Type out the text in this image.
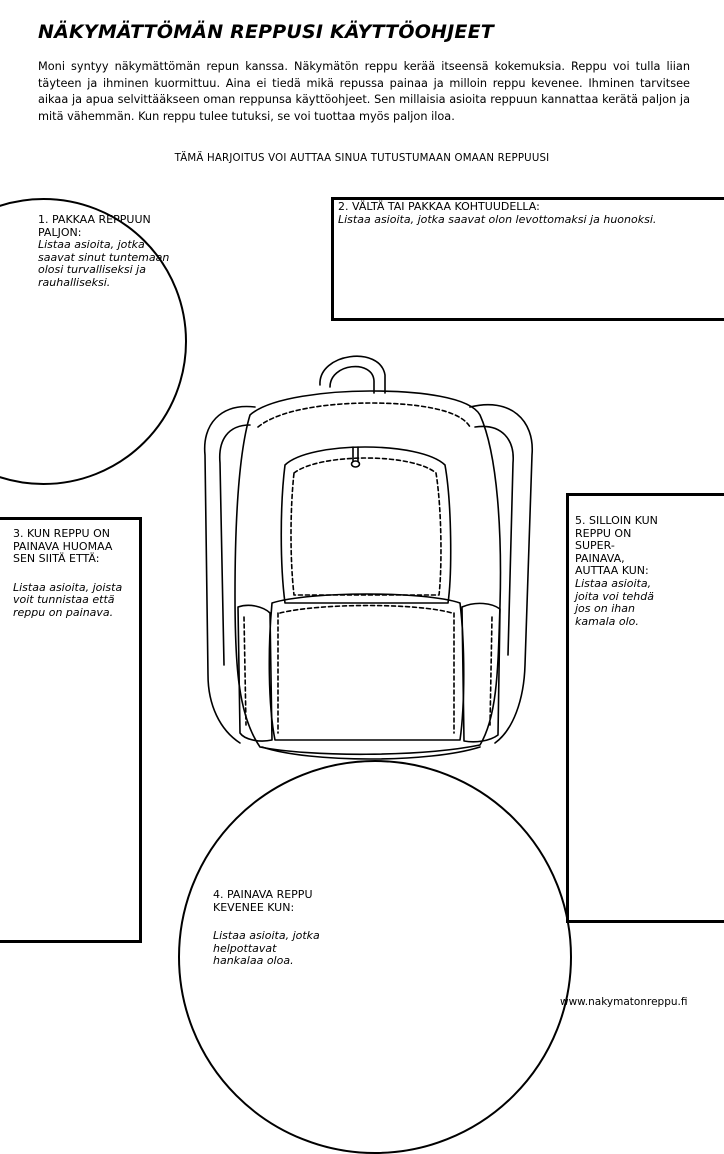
NÄKYMÄTTÖMÄN REPPUSI KÄYTTÖOHJEET

Moni syntyy näkymättömän repun kanssa. Näkymätön reppu kerää itseensä kokemuksia. Reppu voi tulla liian täyteen ja ihminen kuormittuu. Aina ei tiedä mikä repussa painaa ja milloin reppu kevenee. Ihminen tarvitsee aikaa ja apua selvittääkseen oman reppunsa käyttöohjeet. Sen millaisia asioita reppuun kannattaa kerätä paljon ja mitä vähemmän. Kun reppu tulee tutuksi, se voi tuottaa myös paljon iloa.

TÄMÄ HARJOITUS VOI AUTTAA SINUA TUTUSTUMAAN OMAAN REPPUUSI

1. PAKKAA REPPUUN PALJON:
Listaa asioita, jotka saavat sinut tuntemaan olosi turvalliseksi ja rauhalliseksi.
2. VÄLTÄ TAI PAKKAA KOHTUUDELLA:
Listaa asioita, jotka saavat olon levottomaksi ja huonoksi.
3. KUN REPPU ON PAINAVA HUOMAA SEN SIITÄ ETTÄ:
Listaa asioita, joista voit tunnistaa että reppu on painava.
4. PAINAVA REPPU KEVENEE KUN:
Listaa asioita, jotka helpottavat hankalaa oloa.
5. SILLOIN KUN REPPU ON SUPER-PAINAVA, AUTTAA KUN:
Listaa asioita, joita voi tehdä jos on ihan kamala olo.

www.nakymatonreppu.fi
